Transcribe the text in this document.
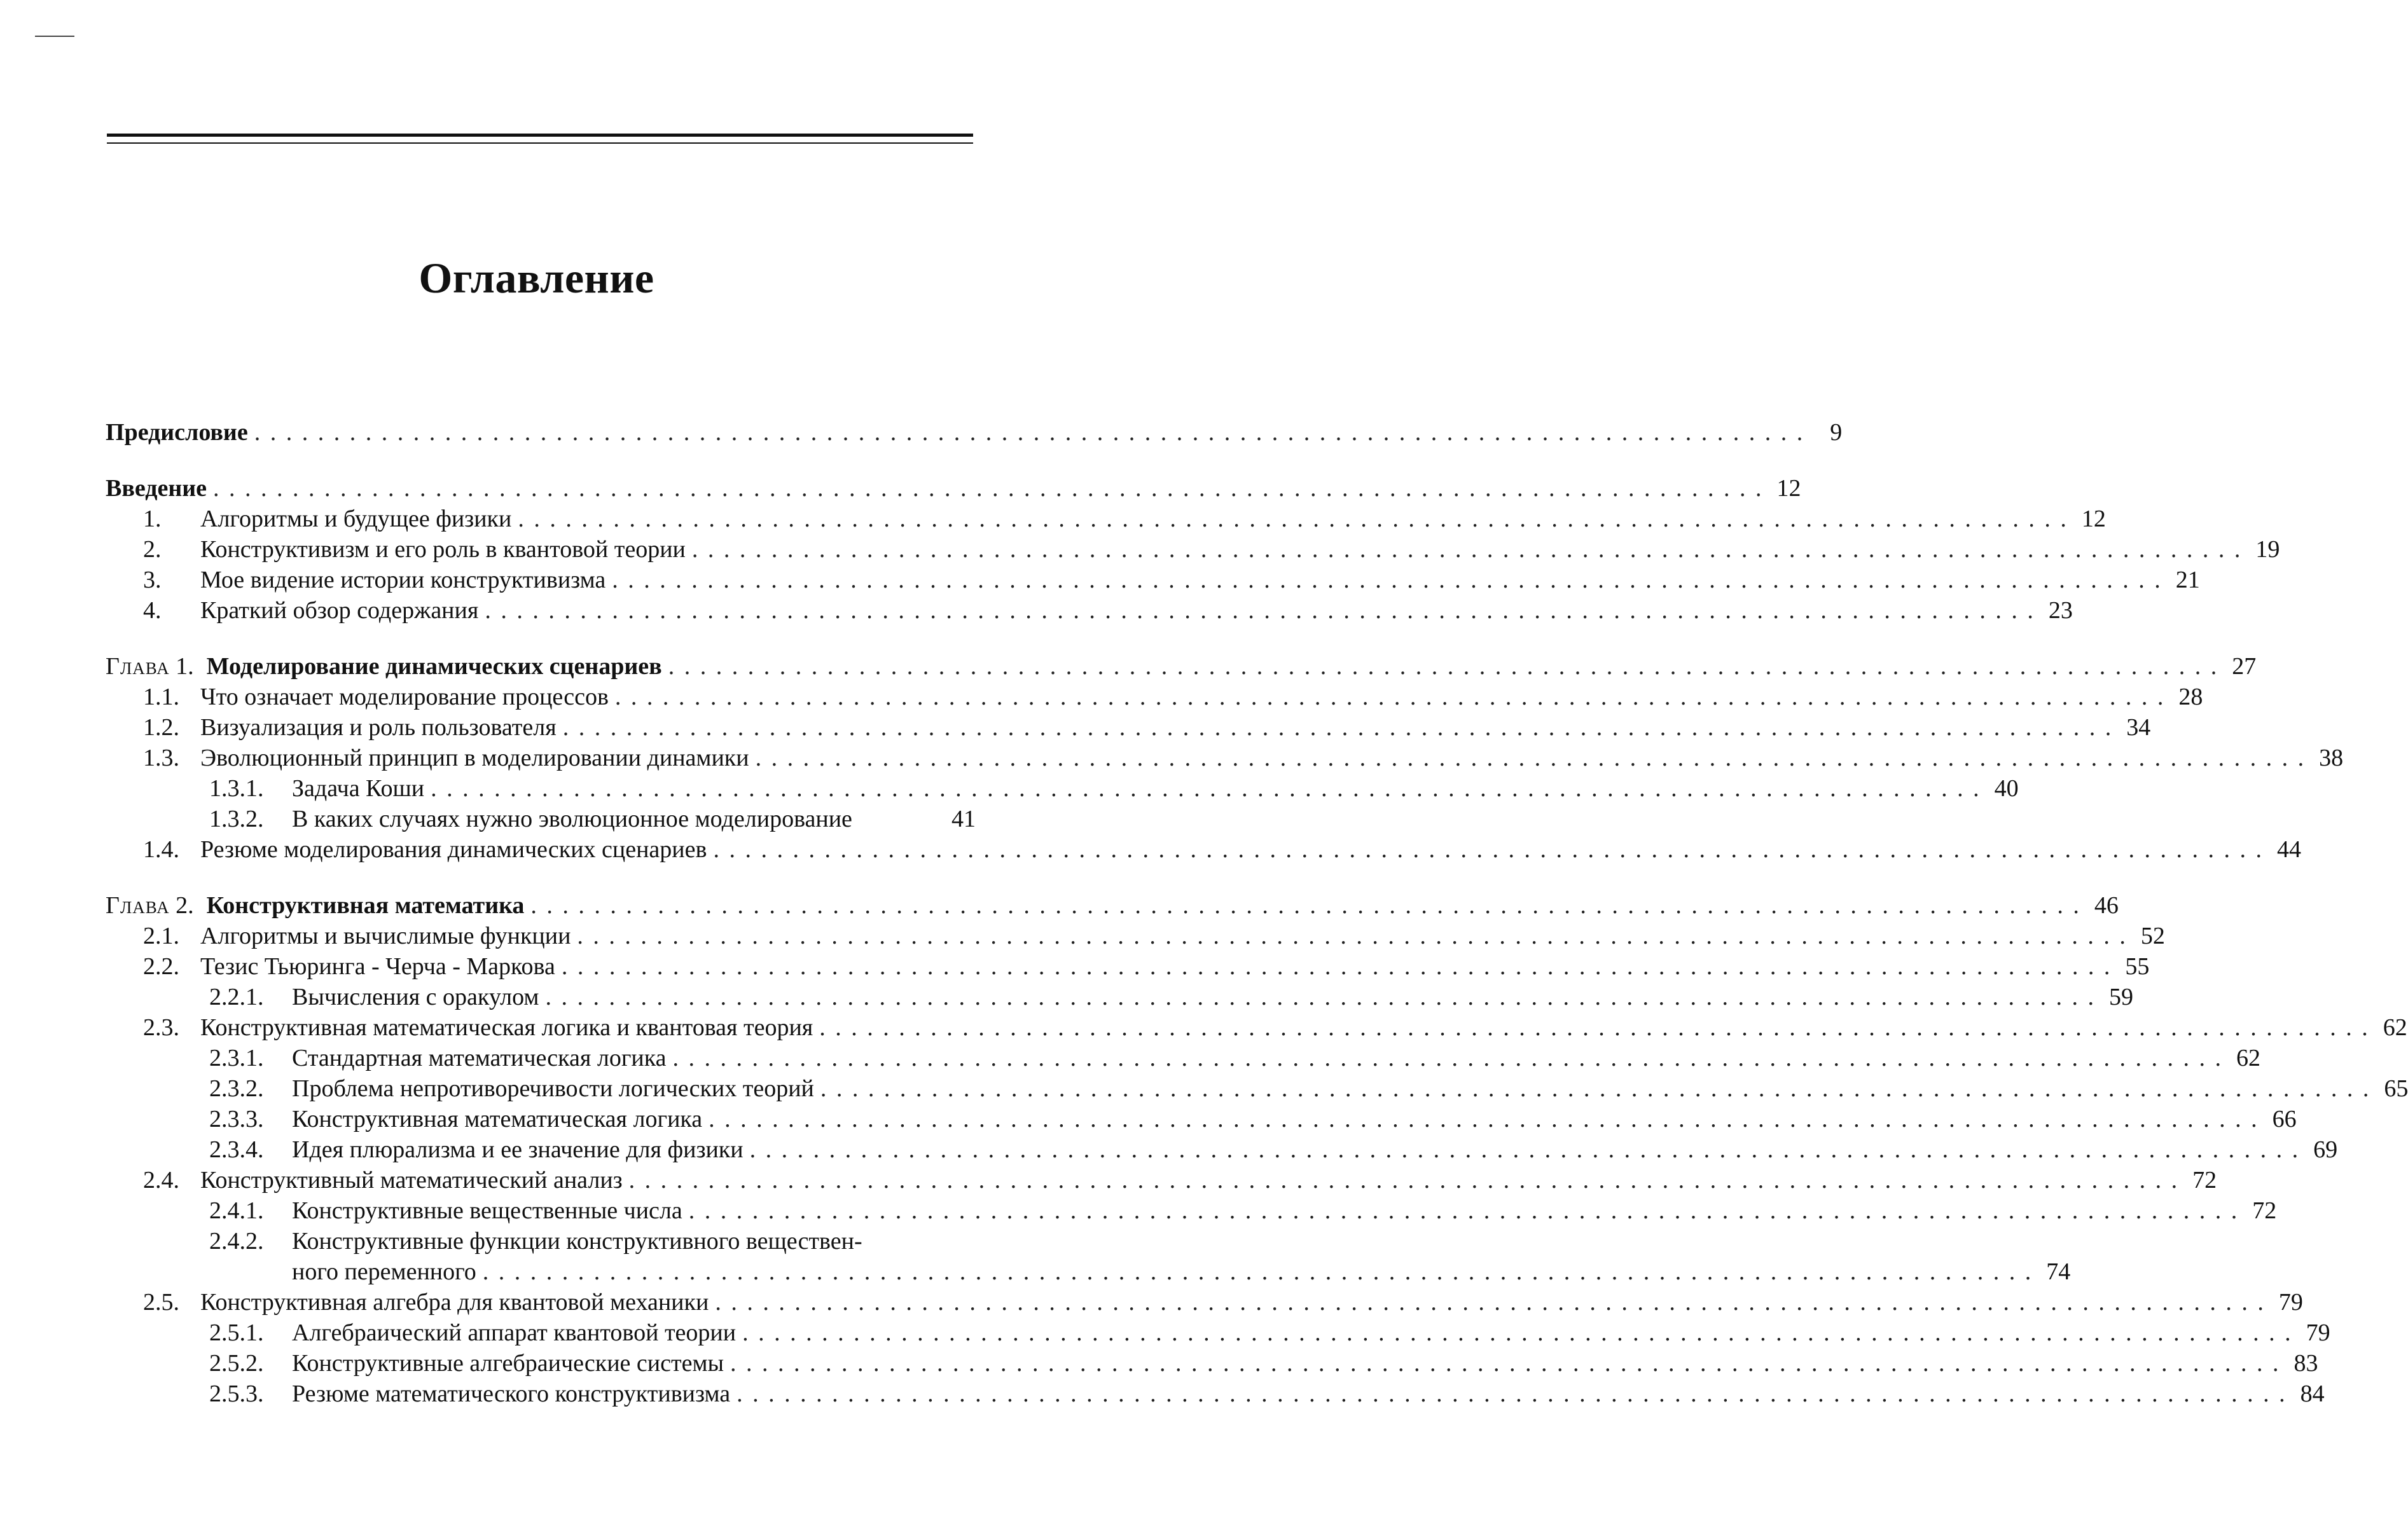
Оглавление
Предисловие . . .	9
Введение . . .	12
1.	Алгоритмы и будущее физики . . .	12
2.	Конструктивизм и его роль в квантовой теории . . .	19
3.	Мое видение истории конструктивизма . . .	21
4.	Краткий обзор содержания . . .	23
Глава 1. Моделирование динамических сценариев . . .	27
1.1. Что означает моделирование процессов . . .	28
1.2. Визуализация и роль пользователя . . .	34
1.3. Эволюционный принцип в моделировании динамики . . .	38
1.3.1.	Задача Коши . . .	40
1.3.2.	В каких случаях нужно эволюционное моделирование	41
1.4. Резюме моделирования динамических сценариев . . .	44
Глава 2. Конструктивная математика . . .	46
2.1. Алгоритмы и вычислимые функции . . .	52
2.2. Тезис Тьюринга - Черча - Маркова . . .	55
2.2.1.	Вычисления с оракулом . . .	59
2.3. Конструктивная математическая логика и квантовая теория . . .	62
2.3.1.	Стандартная математическая логика . . .	62
2.3.2.	Проблема непротиворечивости логических теорий . . .	65
2.3.3.	Конструктивная математическая логика . . .	66
2.3.4.	Идея плюрализма и ее значение для физики . . .	69
2.4. Конструктивный математический анализ . . .	72
2.4.1.	Конструктивные вещественные числа . . .	72
2.4.2.	Конструктивные функции конструктивного веществен-
ного переменного . . .	74
2.5. Конструктивная алгебра для квантовой механики . . .	79
2.5.1.	Алгебраический аппарат квантовой теории . . .	79
2.5.2.	Конструктивные алгебраические системы . . .	83
2.5.3.	Резюме математического конструктивизма . . .	84
